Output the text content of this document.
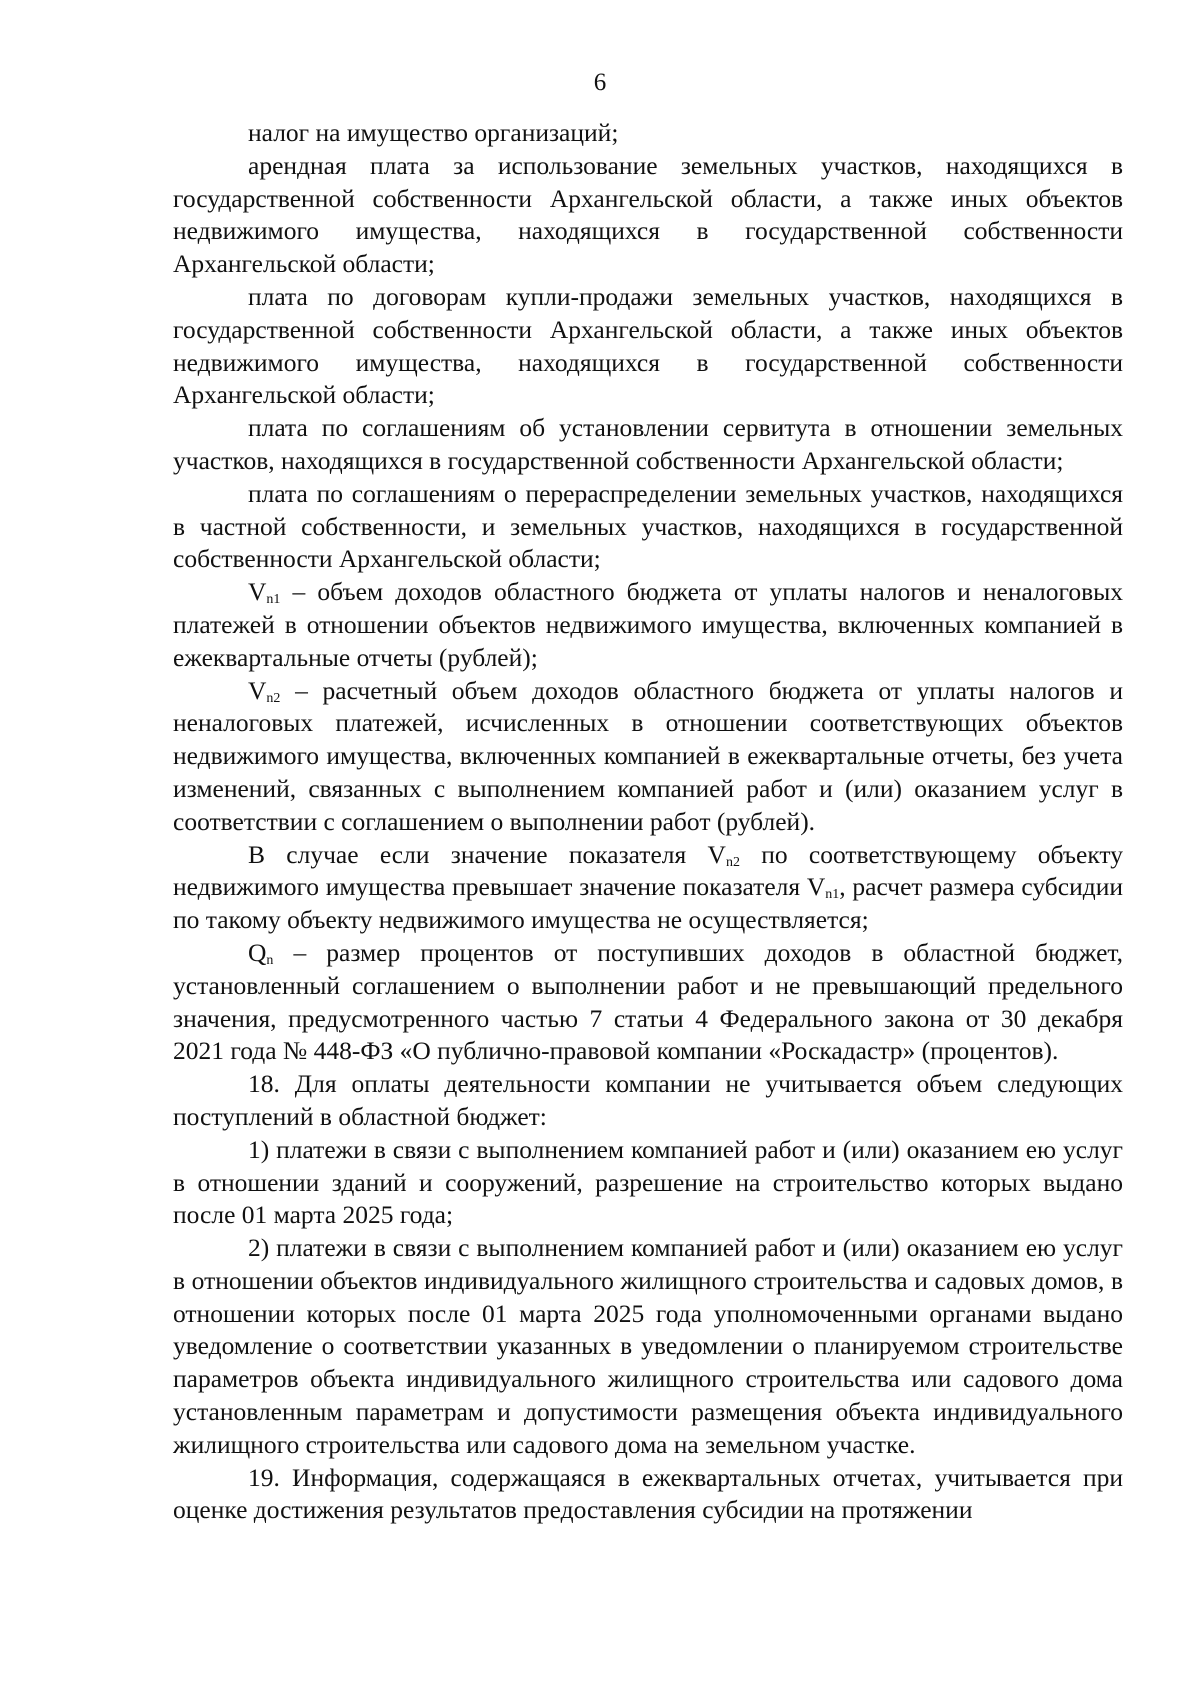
6

налог на имущество организаций;

арендная плата за использование земельных участков, находящихся в государственной собственности Архангельской области, а также иных объектов недвижимого имущества, находящихся в государственной собственности Архангельской области;

плата по договорам купли-продажи земельных участков, находящихся в государственной собственности Архангельской области, а также иных объектов недвижимого имущества, находящихся в государственной собственности Архангельской области;

плата по соглашениям об установлении сервитута в отношении земельных участков, находящихся в государственной собственности Архангельской области;

плата по соглашениям о перераспределении земельных участков, находящихся в частной собственности, и земельных участков, находящихся в государственной собственности Архангельской области;

$V_{n1}$ – объем доходов областного бюджета от уплаты налогов и неналоговых платежей в отношении объектов недвижимого имущества, включенных компанией в ежеквартальные отчеты (рублей);

$V_{n2}$ – расчетный объем доходов областного бюджета от уплаты налогов и неналоговых платежей, исчисленных в отношении соответствующих объектов недвижимого имущества, включенных компанией в ежеквартальные отчеты, без учета изменений, связанных с выполнением компанией работ и (или) оказанием услуг в соответствии с соглашением о выполнении работ (рублей).

В случае если значение показателя $V_{n2}$ по соответствующему объекту недвижимого имущества превышает значение показателя $V_{n1}$, расчет размера субсидии по такому объекту недвижимого имущества не осуществляется;

$Q_n$ – размер процентов от поступивших доходов в областной бюджет, установленный соглашением о выполнении работ и не превышающий предельного значения, предусмотренного частью 7 статьи 4 Федерального закона от 30 декабря 2021 года № 448-ФЗ «О публично-правовой компании «Роскадастр» (процентов).

18. Для оплаты деятельности компании не учитывается объем следующих поступлений в областной бюджет:

1) платежи в связи с выполнением компанией работ и (или) оказанием ею услуг в отношении зданий и сооружений, разрешение на строительство которых выдано после 01 марта 2025 года;

2) платежи в связи с выполнением компанией работ и (или) оказанием ею услуг в отношении объектов индивидуального жилищного строительства и садовых домов, в отношении которых после 01 марта 2025 года уполномоченными органами выдано уведомление о соответствии указанных в уведомлении о планируемом строительстве параметров объекта индивидуального жилищного строительства или садового дома установленным параметрам и допустимости размещения объекта индивидуального жилищного строительства или садового дома на земельном участке.

19. Информация, содержащаяся в ежеквартальных отчетах, учитывается при оценке достижения результатов предоставления субсидии на протяжении
